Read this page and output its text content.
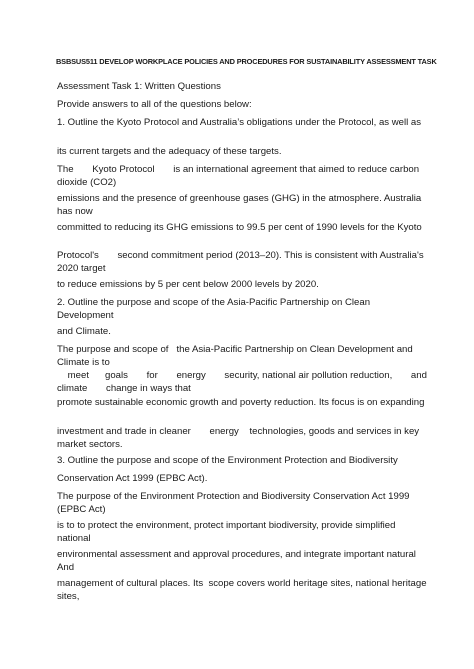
BSBSUS511 DEVELOP WORKPLACE POLICIES AND PROCEDURES FOR SUSTAINABILITY ASSESSMENT TASK

Assessment Task 1: Written Questions

Provide answers to all of the questions below:

1. Outline the Kyoto Protocol and Australia’s obligations under the Protocol, as well as

its current targets and the adequacy of these targets.

The       Kyoto Protocol       is an international agreement that aimed to reduce carbon dioxide (CO2)

emissions and the presence of greenhouse gases (GHG) in the atmosphere. Australia       has now

committed to reducing its GHG emissions to 99.5 per cent of 1990 levels for the Kyoto

Protocol's       second commitment period (2013–20). This is consistent with Australia's       2020 target

to reduce emissions by 5 per cent below 2000 levels by 2020.

2. Outline the purpose and scope of the Asia-Pacific Partnership on Clean Development

and Climate.

The purpose and scope of   the Asia-Pacific Partnership on Clean Development and Climate is to

meet      goals       for       energy       security, national air pollution reduction,       and       climate       change in ways that

promote sustainable economic growth and poverty reduction. Its focus is on expanding

investment and trade in cleaner       energy    technologies, goods and services in key market sectors.

3. Outline the purpose and scope of the Environment Protection and Biodiversity

Conservation Act 1999 (EPBC Act).

The purpose of the Environment Protection and Biodiversity Conservation Act 1999 (EPBC Act)

is to to protect the environment, protect important biodiversity, provide simplified national

environmental assessment and approval procedures, and integrate important natural And

management of cultural places. Its  scope covers world heritage sites, national heritage sites,
